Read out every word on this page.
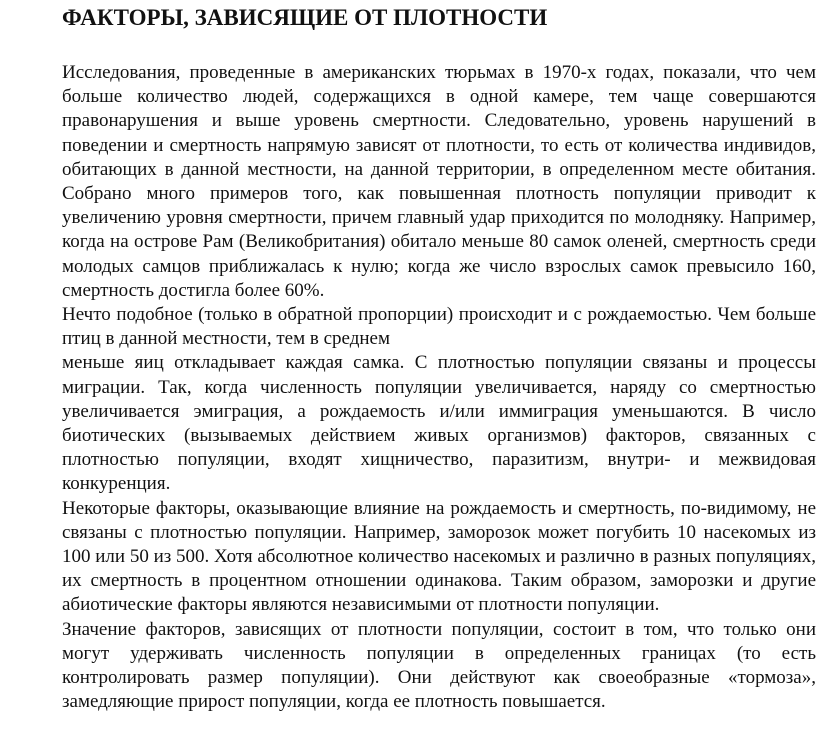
ФАКТОРЫ, ЗАВИСЯЩИЕ ОТ ПЛОТНОСТИ

Исследования, проведенные в американских тюрьмах в 1970-х годах, показали, что чем больше количество людей, содержащихся в одной камере, тем чаще совершаются правонарушения и выше уровень смертности. Следовательно, уровень нарушений в поведении и смертность напрямую зависят от плотности, то есть от количества индивидов, обитающих в данной местности, на данной территории, в определенном месте обитания. Собрано много примеров того, как повышенная плотность популяции приводит к увеличению уровня смертности, причем главный удар приходится по молодняку. Например, когда на острове Рам (Великобритания) обитало меньше 80 самок оленей, смертность среди молодых самцов приближалась к нулю; когда же число взрослых самок превысило 160, смертность достигла более 60%.

Нечто подобное (только в обратной пропорции) происходит и с рождаемостью. Чем больше птиц в данной местности, тем в среднем

меньше яиц откладывает каждая самка. С плотностью популяции связаны и процессы миграции. Так, когда численность популяции увеличивается, наряду со смертностью увеличивается эмиграция, а рождаемость и/или иммиграция уменьшаются. В число биотических (вызываемых действием живых организмов) факторов, связанных с плотностью популяции, входят хищничество, паразитизм, внутри- и межвидовая конкуренция.

Некоторые факторы, оказывающие влияние на рождаемость и смертность, по-видимому, не связаны с плотностью популяции. Например, заморозок может погубить 10 насекомых из 100 или 50 из 500. Хотя абсолютное количество насекомых и различно в разных популяциях, их смертность в процентном отношении одинакова. Таким образом, заморозки и другие абиотические факторы являются независимыми от плотности популяции.

Значение факторов, зависящих от плотности популяции, состоит в том, что только они могут удерживать численность популяции в определенных границах (то есть контролировать размер популяции). Они действуют как своеобразные «тормоза», замедляющие прирост популяции, когда ее плотность повышается.
